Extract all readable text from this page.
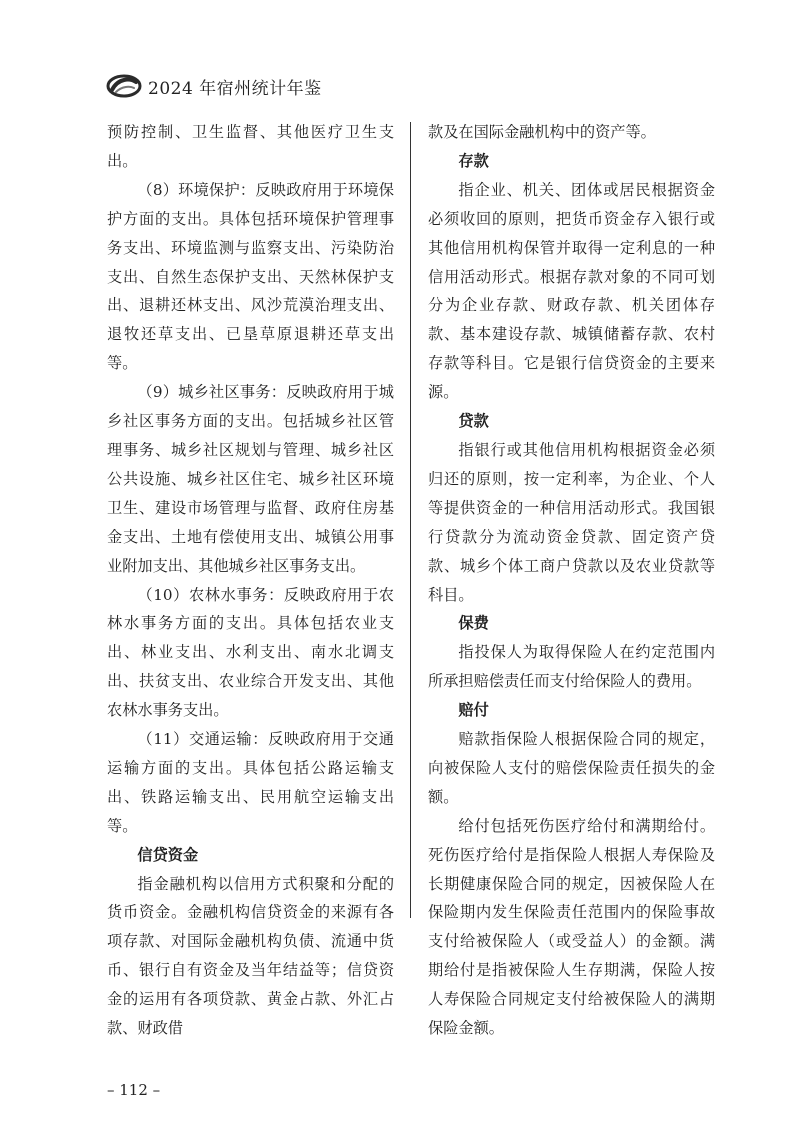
2024 年宿州统计年鉴

预防控制、卫生监督、其他医疗卫生支出。

（8）环境保护：反映政府用于环境保护方面的支出。具体包括环境保护管理事务支出、环境监测与监察支出、污染防治支出、自然生态保护支出、天然林保护支出、退耕还林支出、风沙荒漠治理支出、退牧还草支出、已垦草原退耕还草支出等。

（9）城乡社区事务：反映政府用于城乡社区事务方面的支出。包括城乡社区管理事务、城乡社区规划与管理、城乡社区公共设施、城乡社区住宅、城乡社区环境卫生、建设市场管理与监督、政府住房基金支出、土地有偿使用支出、城镇公用事业附加支出、其他城乡社区事务支出。

（10）农林水事务：反映政府用于农林水事务方面的支出。具体包括农业支出、林业支出、水利支出、南水北调支出、扶贫支出、农业综合开发支出、其他农林水事务支出。

（11）交通运输：反映政府用于交通运输方面的支出。具体包括公路运输支出、铁路运输支出、民用航空运输支出等。

信贷资金

指金融机构以信用方式积聚和分配的货币资金。金融机构信贷资金的来源有各项存款、对国际金融机构负债、流通中货币、银行自有资金及当年结益等；信贷资金的运用有各项贷款、黄金占款、外汇占款、财政借

款及在国际金融机构中的资产等。

存款

指企业、机关、团体或居民根据资金必须收回的原则，把货币资金存入银行或其他信用机构保管并取得一定利息的一种信用活动形式。根据存款对象的不同可划分为企业存款、财政存款、机关团体存款、基本建设存款、城镇储蓄存款、农村存款等科目。它是银行信贷资金的主要来源。

贷款

指银行或其他信用机构根据资金必须归还的原则，按一定利率，为企业、个人等提供资金的一种信用活动形式。我国银行贷款分为流动资金贷款、固定资产贷款、城乡个体工商户贷款以及农业贷款等科目。

保费

指投保人为取得保险人在约定范围内所承担赔偿责任而支付给保险人的费用。

赔付

赔款指保险人根据保险合同的规定，向被保险人支付的赔偿保险责任损失的金额。

给付包括死伤医疗给付和满期给付。死伤医疗给付是指保险人根据人寿保险及长期健康保险合同的规定，因被保险人在保险期内发生保险责任范围内的保险事故支付给被保险人（或受益人）的金额。满期给付是指被保险人生存期满，保险人按人寿保险合同规定支付给被保险人的满期保险金额。

– 112 –
